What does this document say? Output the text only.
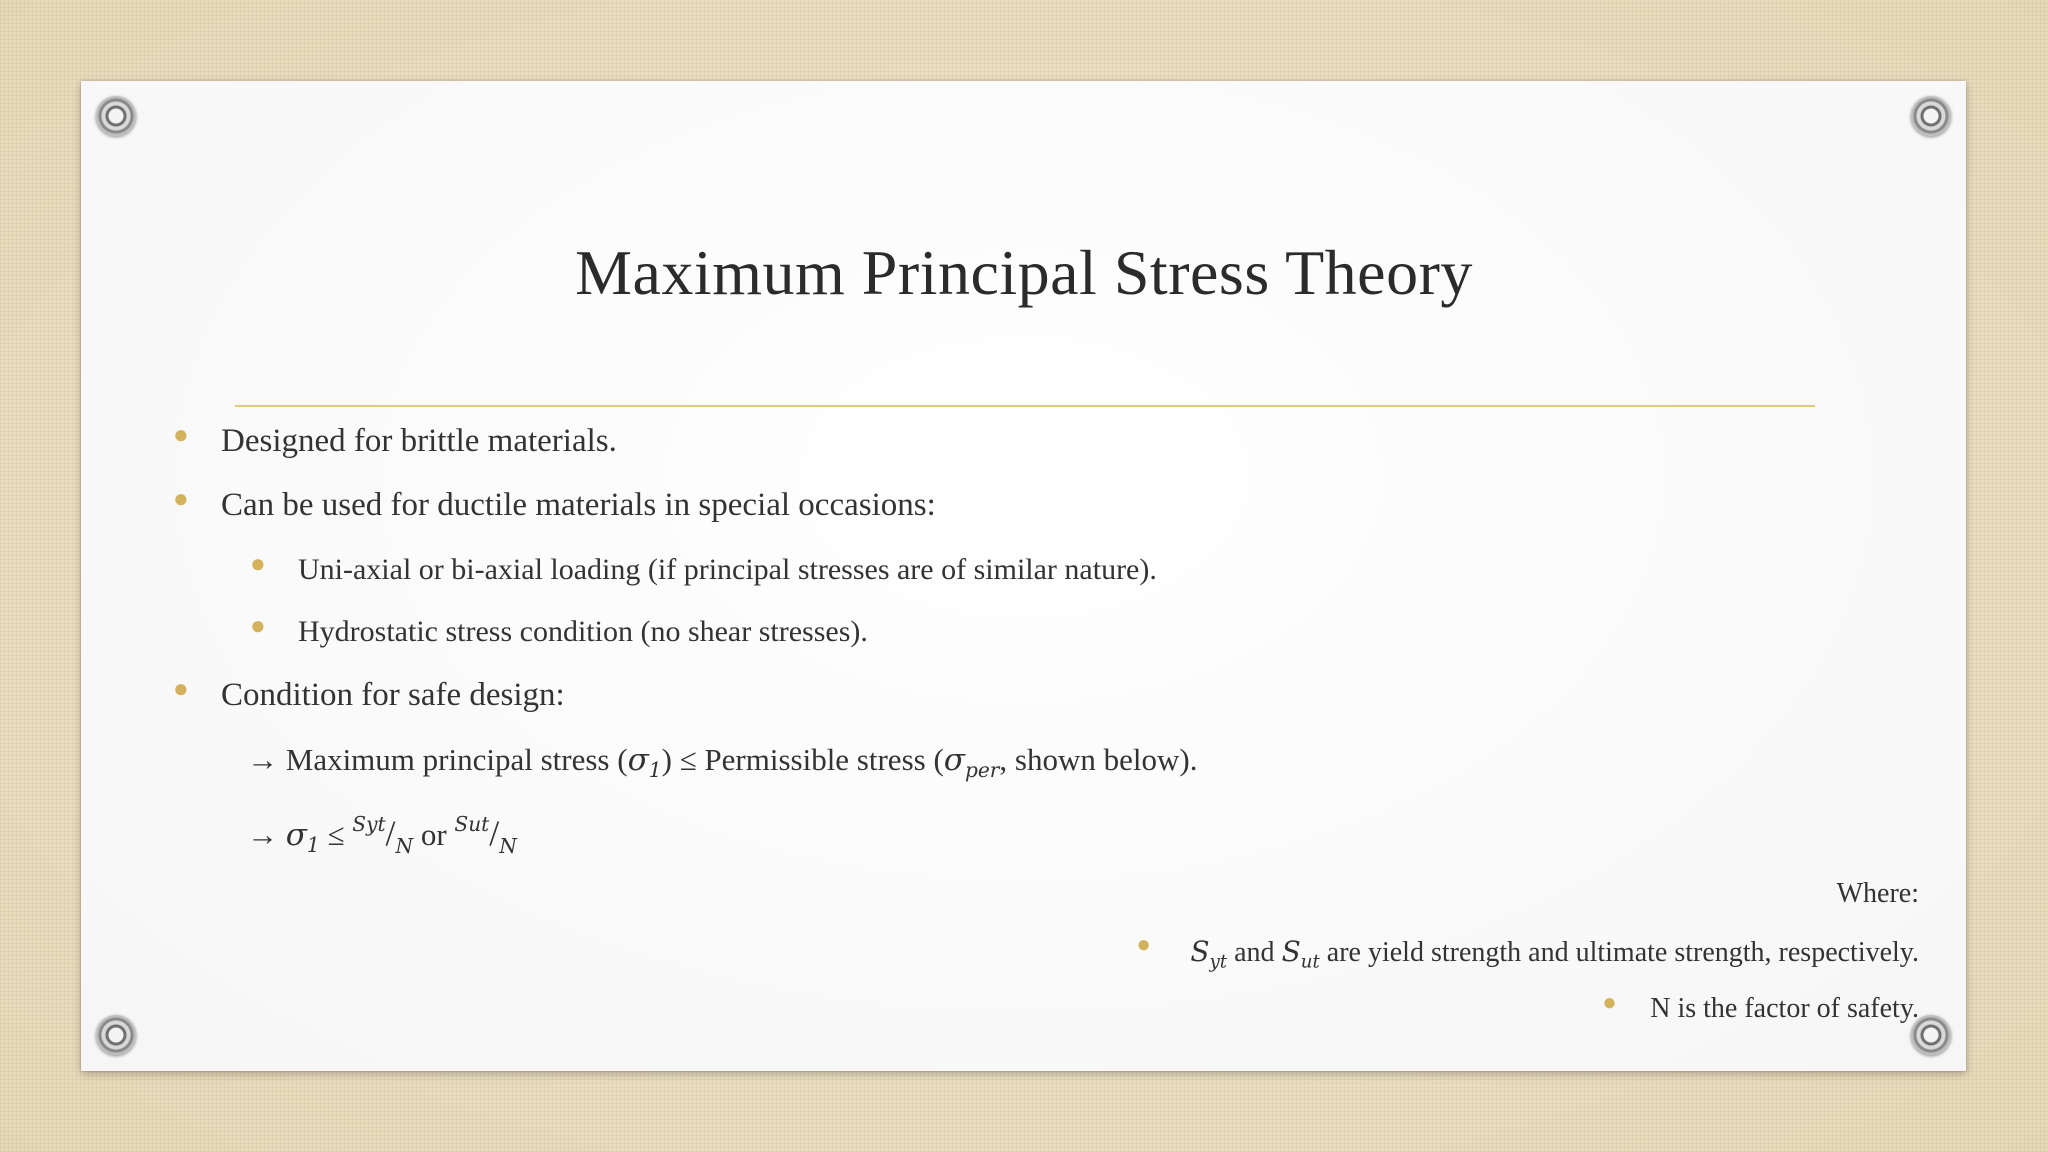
Maximum Principal Stress Theory
● Designed for brittle materials.
● Can be used for ductile materials in special occasions:
● Uni-axial or bi-axial loading (if principal stresses are of similar nature).
● Hydrostatic stress condition (no shear stresses).
● Condition for safe design:
→ Maximum principal stress $(\sigma_1)$ ≤ Permissible stress ($\sigma_{per}$, shown below).
→ $\sigma_1 \le ^{Syt}/_N$ or $^{Sut}/_N$
Where:
● $S_{yt}$ and $S_{ut}$ are yield strength and ultimate strength, respectively.
● N is the factor of safety.
